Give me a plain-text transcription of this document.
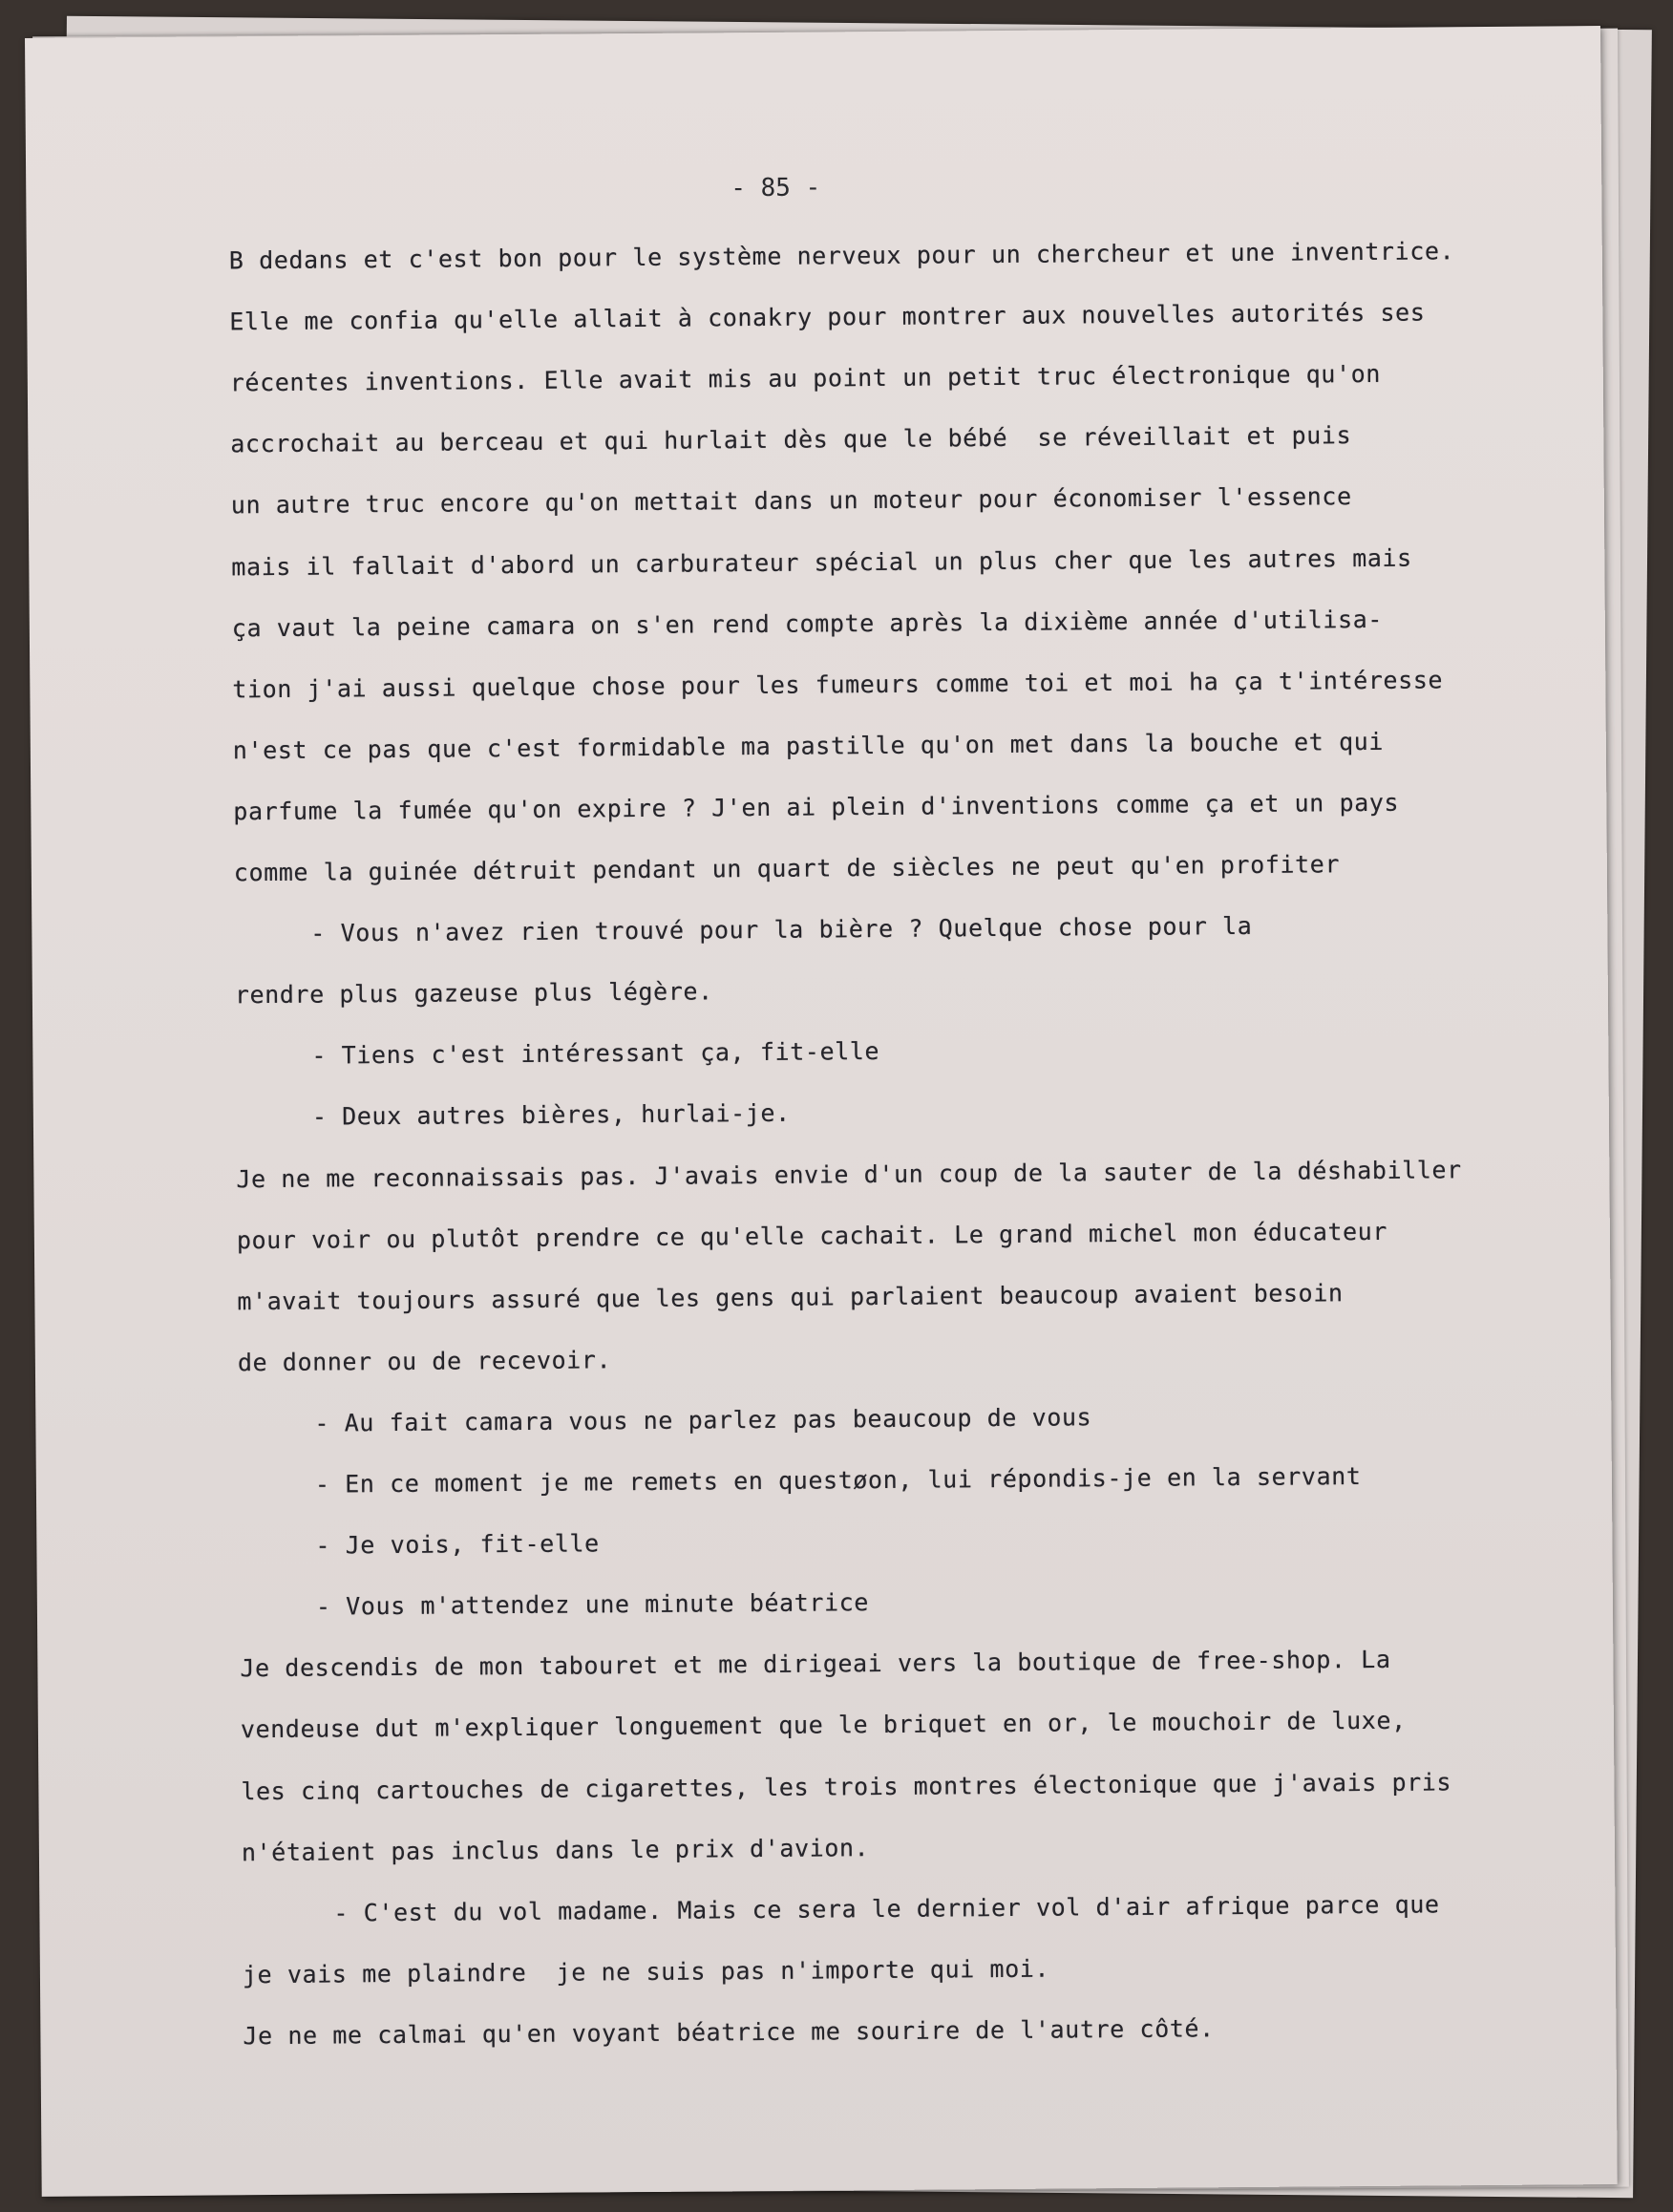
- 85 -
B dedans et c'est bon pour le système nerveux pour un chercheur et une inventrice.
Elle me confia qu'elle allait à conakry pour montrer aux nouvelles autorités ses
récentes inventions. Elle avait mis au point un petit truc électronique qu'on
accrochait au berceau et qui hurlait dès que le bébé  se réveillait et puis
un autre truc encore qu'on mettait dans un moteur pour économiser l'essence
mais il fallait d'abord un carburateur spécial un plus cher que les autres mais
ça vaut la peine camara on s'en rend compte après la dixième année d'utilisa-
tion j'ai aussi quelque chose pour les fumeurs comme toi et moi ha ça t'intéresse
n'est ce pas que c'est formidable ma pastille qu'on met dans la bouche et qui
parfume la fumée qu'on expire ? J'en ai plein d'inventions comme ça et un pays
comme la guinée détruit pendant un quart de siècles ne peut qu'en profiter
- Vous n'avez rien trouvé pour la bière ? Quelque chose pour la
rendre plus gazeuse plus légère.
- Tiens c'est intéressant ça, fit-elle
- Deux autres bières, hurlai-je.
Je ne me reconnaissais pas. J'avais envie d'un coup de la sauter de la déshabiller
pour voir ou plutôt prendre ce qu'elle cachait. Le grand michel mon éducateur
m'avait toujours assuré que les gens qui parlaient beaucoup avaient besoin
de donner ou de recevoir.
- Au fait camara vous ne parlez pas beaucoup de vous
- En ce moment je me remets en questøon, lui répondis-je en la servant
- Je vois, fit-elle
- Vous m'attendez une minute béatrice
Je descendis de mon tabouret et me dirigeai vers la boutique de free-shop. La
vendeuse dut m'expliquer longuement que le briquet en or, le mouchoir de luxe,
les cinq cartouches de cigarettes, les trois montres électonique que j'avais pris
n'étaient pas inclus dans le prix d'avion.
- C'est du vol madame. Mais ce sera le dernier vol d'air afrique parce que
je vais me plaindre  je ne suis pas n'importe qui moi.
Je ne me calmai qu'en voyant béatrice me sourire de l'autre côté.
